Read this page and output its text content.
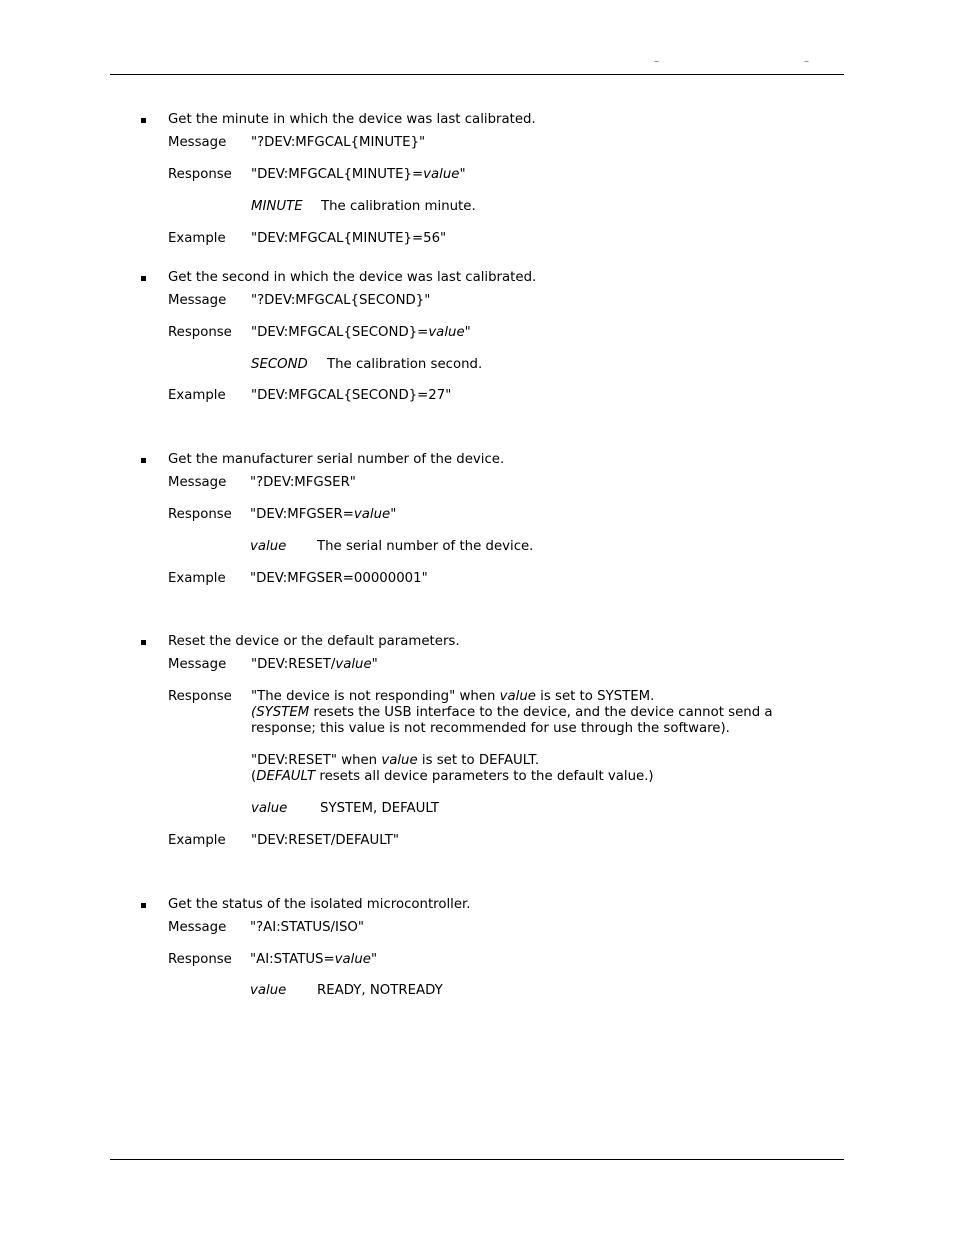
–	–
Get the minute in which the device was last calibrated.
Message "?DEV:MFGCAL{MINUTE}"
Response "DEV:MFGCAL{MINUTE}=value"
MINUTE The calibration minute.
Example "DEV:MFGCAL{MINUTE}=56"
Get the second in which the device was last calibrated.
Message "?DEV:MFGCAL{SECOND}"
Response "DEV:MFGCAL{SECOND}=value"
SECOND The calibration second.
Example "DEV:MFGCAL{SECOND}=27"
Get the manufacturer serial number of the device.
Message "?DEV:MFGSER"
Response "DEV:MFGSER=value"
value The serial number of the device.
Example "DEV:MFGSER=00000001"
Reset the device or the default parameters.
Message "DEV:RESET/value"
Response "The device is not responding" when value is set to SYSTEM.
(SYSTEM resets the USB interface to the device, and the device cannot send a
response; this value is not recommended for use through the software).
"DEV:RESET" when value is set to DEFAULT.
(DEFAULT resets all device parameters to the default value.)
value SYSTEM, DEFAULT
Example "DEV:RESET/DEFAULT"
Get the status of the isolated microcontroller.
Message "?AI:STATUS/ISO"
Response "AI:STATUS=value"
value READY, NOTREADY
